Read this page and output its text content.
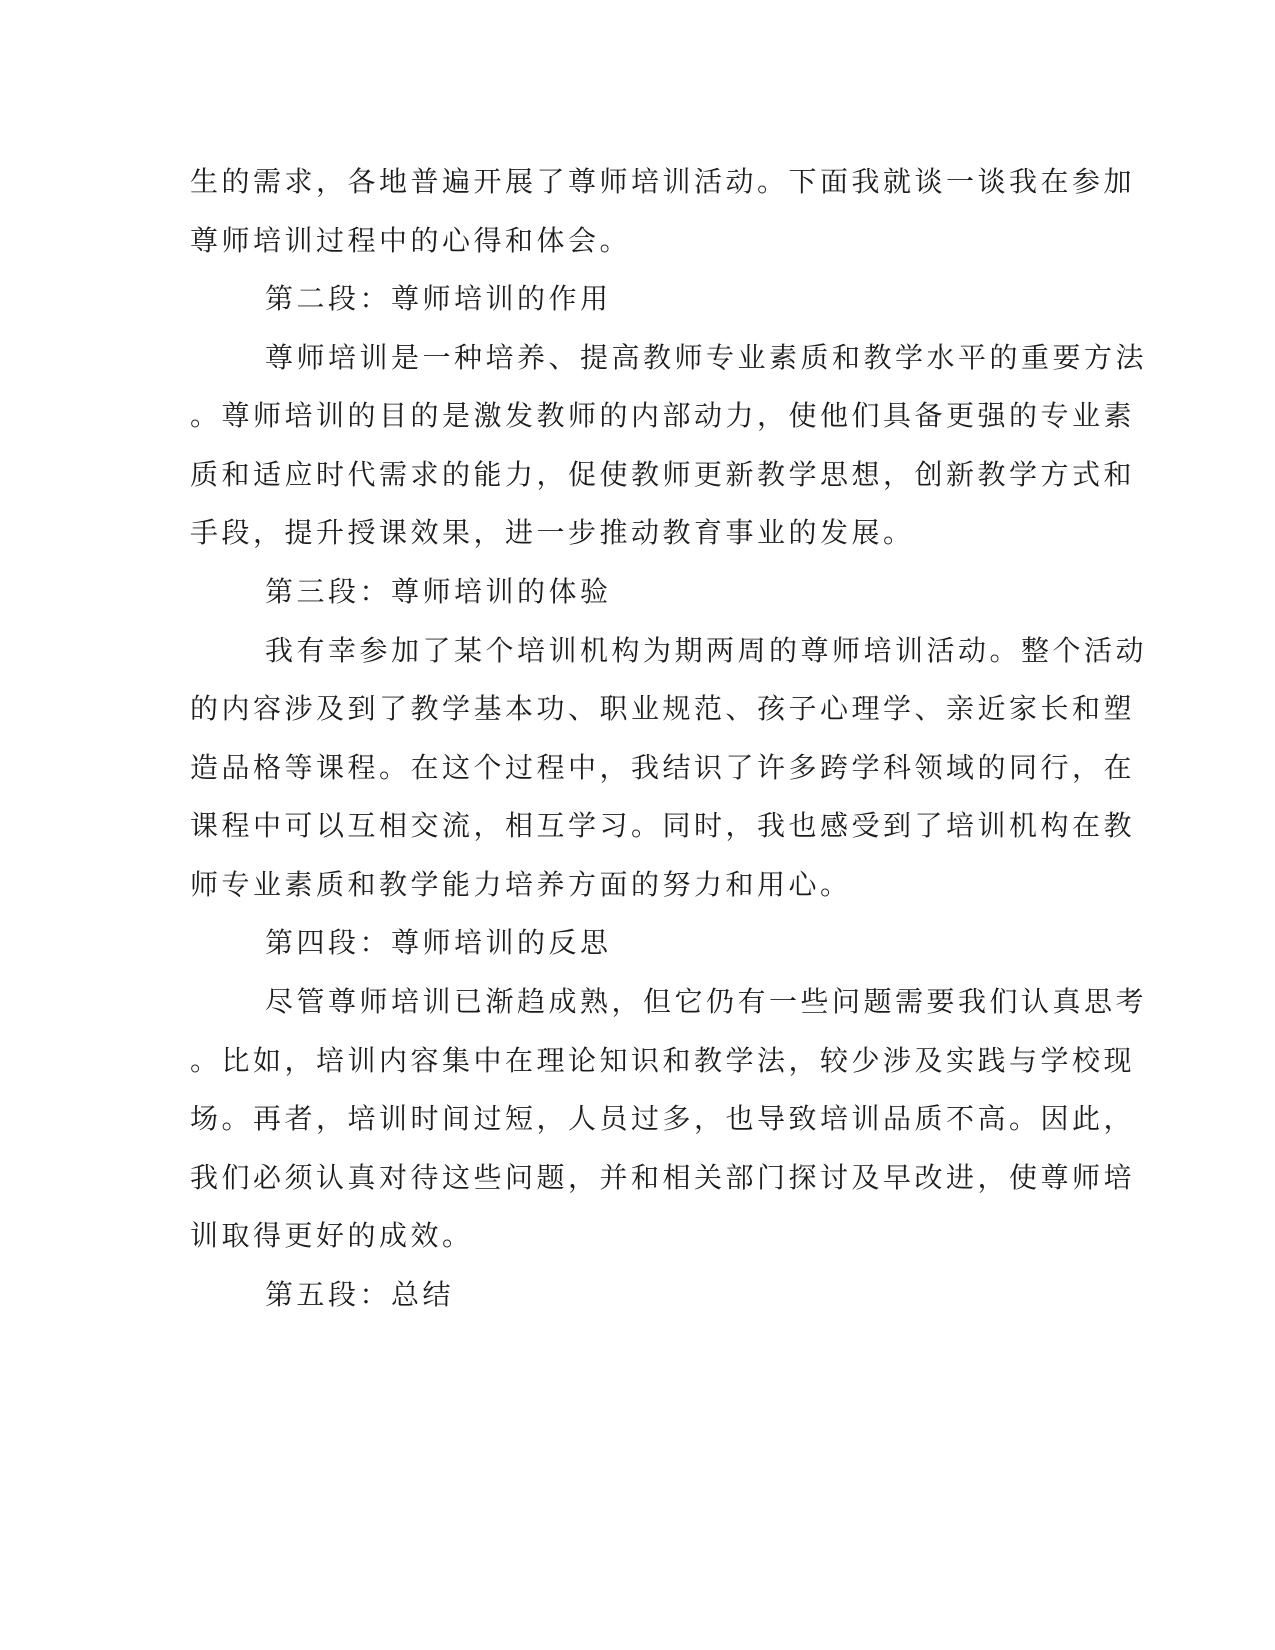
生的需求，各地普遍开展了尊师培训活动。下面我就谈一谈我在参加
尊师培训过程中的心得和体会。
第二段：尊师培训的作用
尊师培训是一种培养、提高教师专业素质和教学水平的重要方法
。尊师培训的目的是激发教师的内部动力，使他们具备更强的专业素
质和适应时代需求的能力，促使教师更新教学思想，创新教学方式和
手段，提升授课效果，进一步推动教育事业的发展。
第三段：尊师培训的体验
我有幸参加了某个培训机构为期两周的尊师培训活动。整个活动
的内容涉及到了教学基本功、职业规范、孩子心理学、亲近家长和塑
造品格等课程。在这个过程中，我结识了许多跨学科领域的同行，在
课程中可以互相交流，相互学习。同时，我也感受到了培训机构在教
师专业素质和教学能力培养方面的努力和用心。
第四段：尊师培训的反思
尽管尊师培训已渐趋成熟，但它仍有一些问题需要我们认真思考
。比如，培训内容集中在理论知识和教学法，较少涉及实践与学校现
场。再者，培训时间过短，人员过多，也导致培训品质不高。因此，
我们必须认真对待这些问题，并和相关部门探讨及早改进，使尊师培
训取得更好的成效。
第五段：总结
